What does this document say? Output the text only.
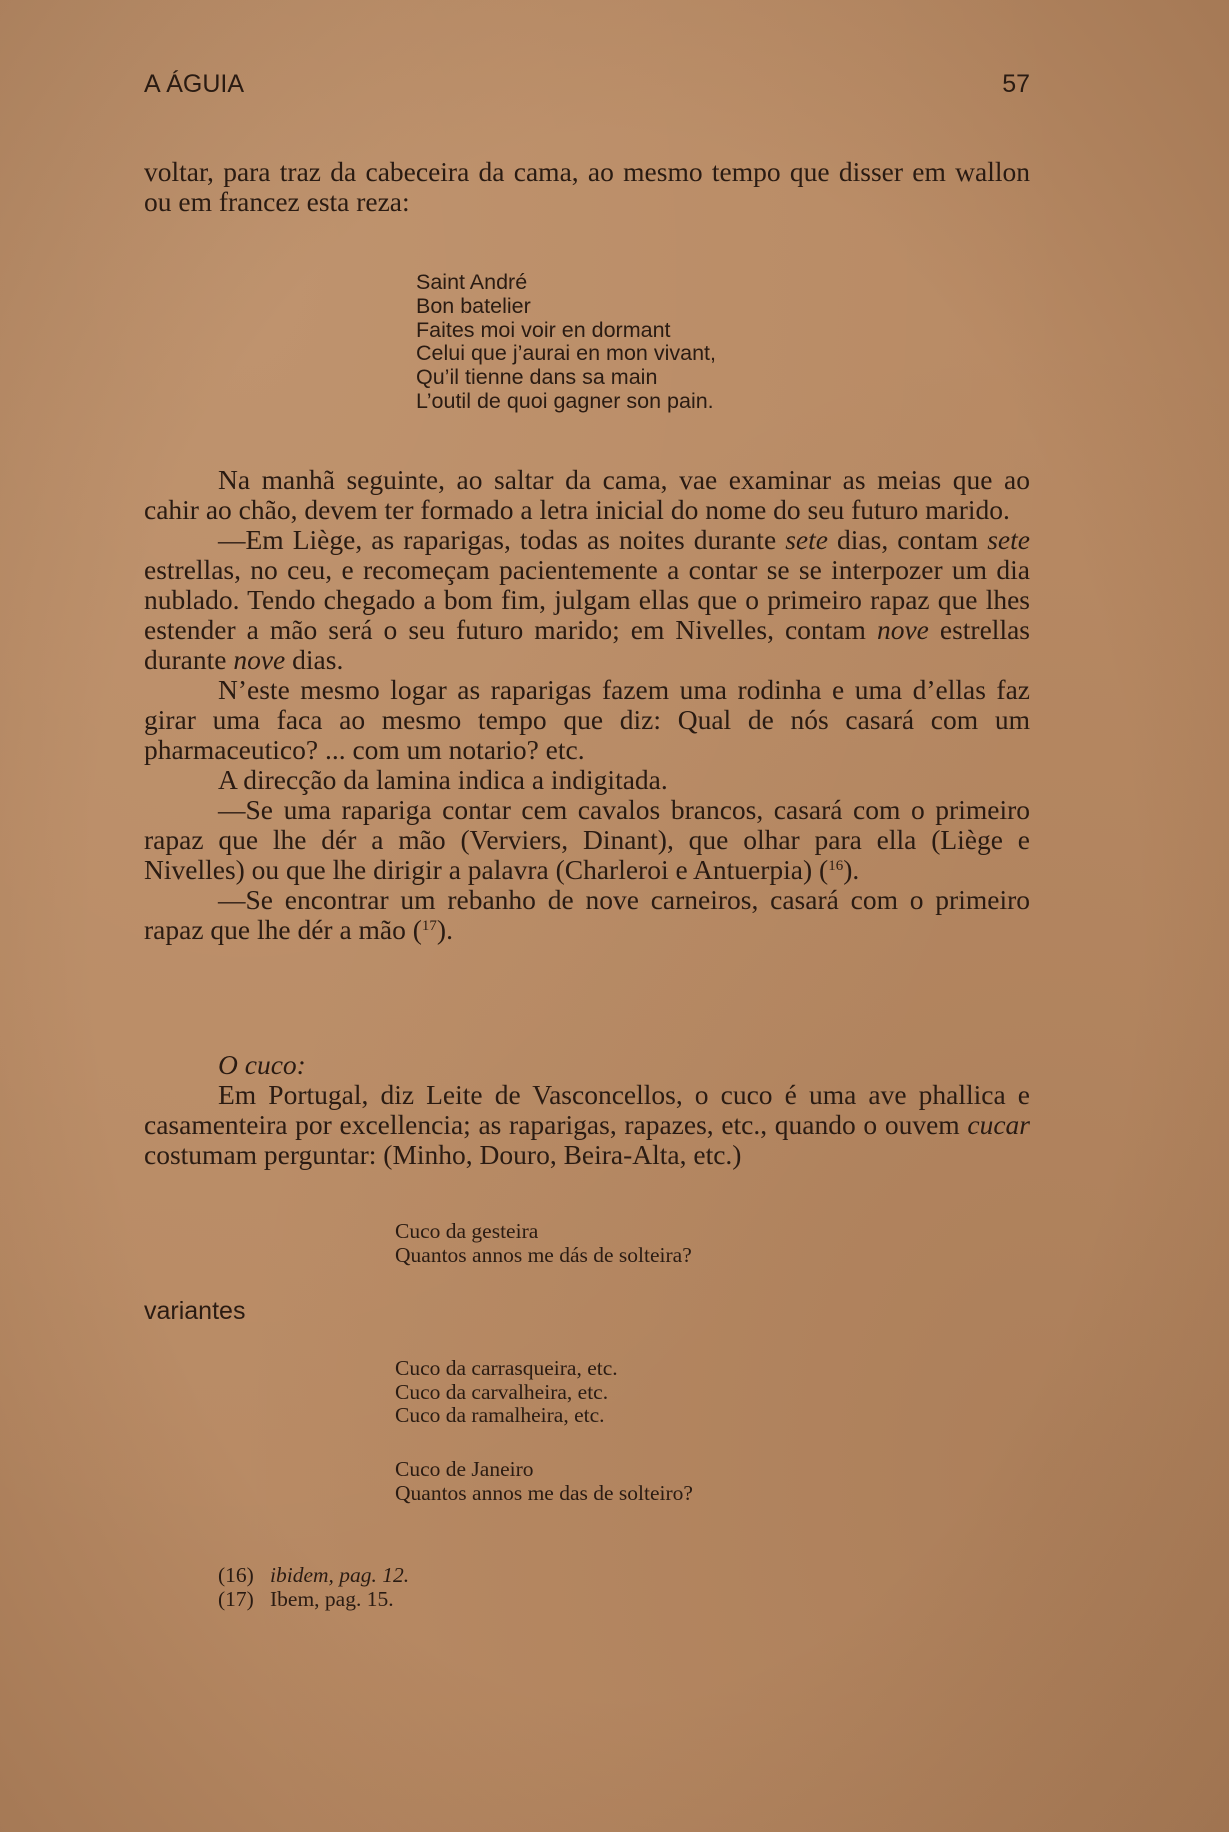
A ÁGUIA	57

voltar, para traz da cabeceira da cama, ao mesmo tempo que disser em wallon ou em francez esta reza:

Saint André
Bon batelier
Faites moi voir en dormant
Celui que j’aurai en mon vivant,
Qu’il tienne dans sa main
L’outil de quoi gagner son pain.

Na manhã seguinte, ao saltar da cama, vae examinar as meias que ao cahir ao chão, devem ter formado a letra inicial do nome do seu futuro marido.

—Em Liège, as raparigas, todas as noites durante sete dias, contam sete estrellas, no ceu, e recomeçam pacientemente a contar se se interpozer um dia nublado. Tendo chegado a bom fim, julgam ellas que o primeiro rapaz que lhes estender a mão será o seu futuro marido; em Nivelles, contam nove estrellas durante nove dias.

N’este mesmo logar as raparigas fazem uma rodinha e uma d’ellas faz girar uma faca ao mesmo tempo que diz: Qual de nós casará com um pharmaceutico? ... com um notario? etc.

A direcção da lamina indica a indigitada.

—Se uma rapariga contar cem cavalos brancos, casará com o primeiro rapaz que lhe dér a mão (Verviers, Dinant), que olhar para ella (Liège e Nivelles) ou que lhe dirigir a palavra (Charleroi e Antuerpia) ($^{16}$).

—Se encontrar um rebanho de nove carneiros, casará com o primeiro rapaz que lhe dér a mão ($^{17}$).

O cuco:

Em Portugal, diz Leite de Vasconcellos, o cuco é uma ave phallica e casamenteira por excellencia; as raparigas, rapazes, etc., quando o ouvem cucar costumam perguntar: (Minho, Douro, Beira-Alta, etc.)

Cuco da gesteira
Quantos annos me dás de solteira?
variantes
Cuco da carrasqueira, etc.
Cuco da carvalheira, etc.
Cuco da ramalheira, etc.
Cuco de Janeiro
Quantos annos me das de solteiro?
(16) ibidem, pag. 12.
(17) Ibem, pag. 15.
